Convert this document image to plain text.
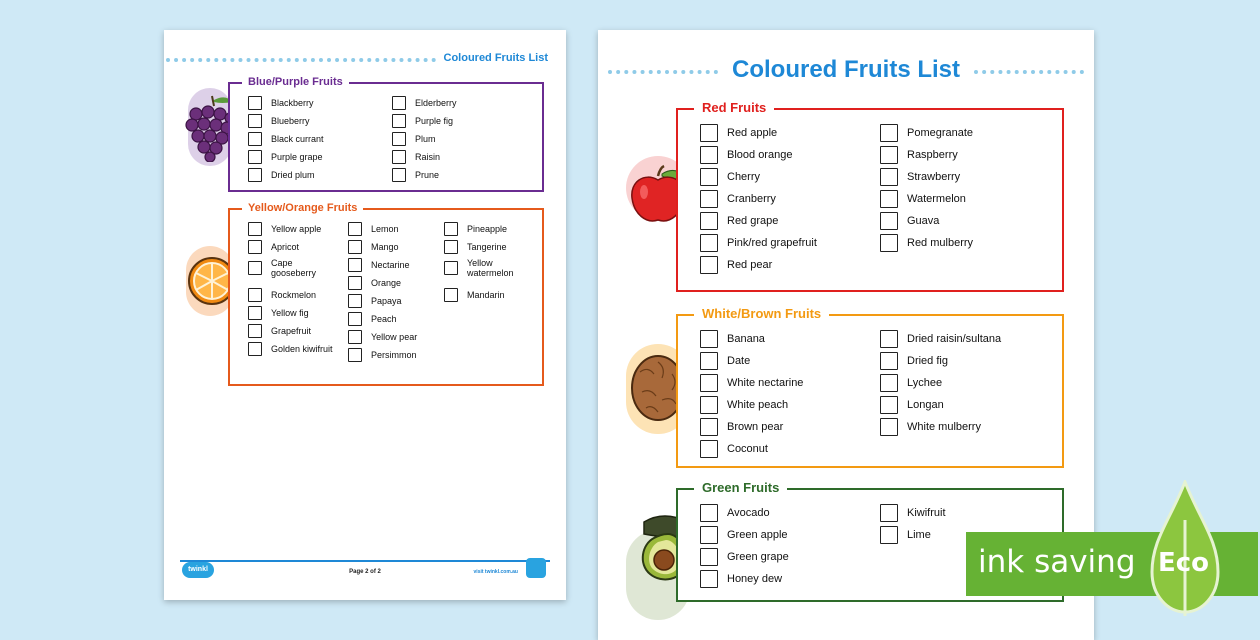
Coloured Fruits List
Blue/Purple Fruits
Blackberry
Blueberry
Black currant
Purple grape
Dried plum
Elderberry
Purple fig
Plum
Raisin
Prune
Yellow/Orange Fruits
Yellow apple
Apricot
Cape gooseberry
Rockmelon
Yellow fig
Grapefruit
Golden kiwifruit
Lemon
Mango
Nectarine
Orange
Papaya
Peach
Yellow pear
Persimmon
Pineapple
Tangerine
Yellow watermelon
Mandarin
twinkl	Page 2 of 2	visit twinkl.com.au
Coloured Fruits List
Red Fruits
Red apple
Blood orange
Cherry
Cranberry
Red grape
Pink/red grapefruit
Red pear
Pomegranate
Raspberry
Strawberry
Watermelon
Guava
Red mulberry
White/Brown Fruits
Banana
Date
White nectarine
White peach
Brown pear
Coconut
Dried raisin/sultana
Dried fig
Lychee
Longan
White mulberry
Green Fruits
Avocado
Green apple
Green grape
Honey dew
Kiwifruit
Lime
ink saving Eco
